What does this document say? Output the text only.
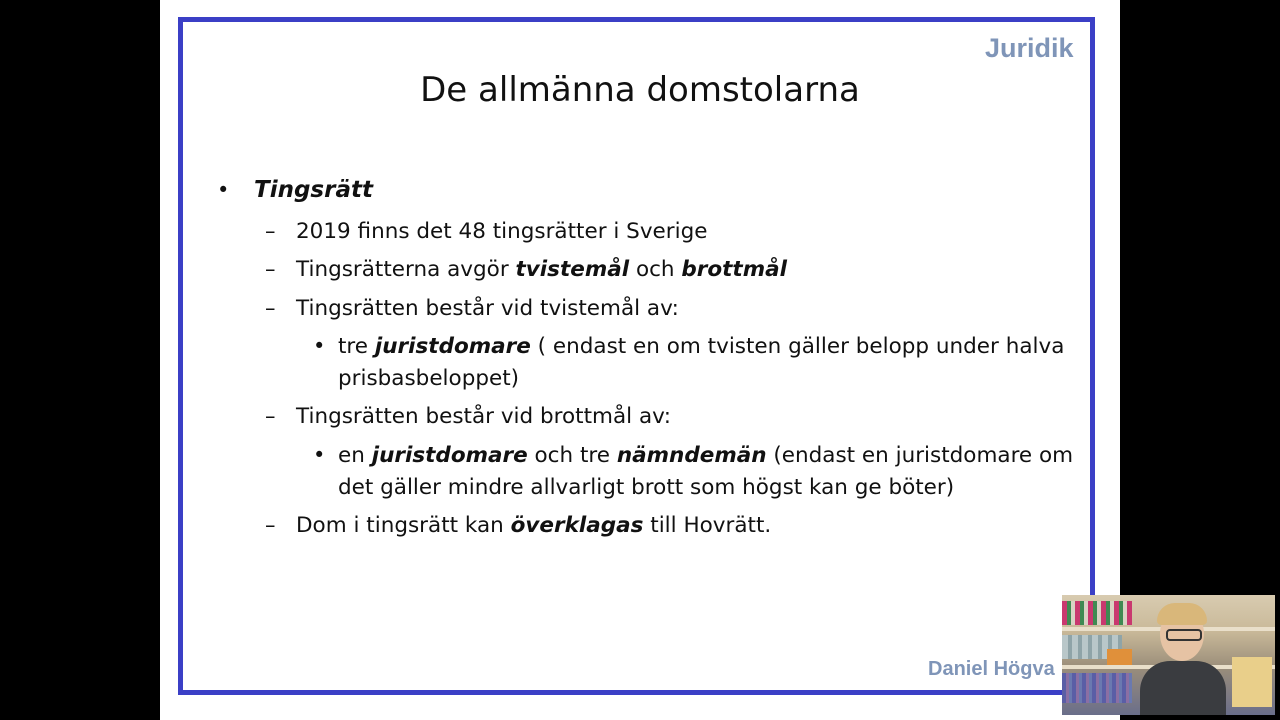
Juridik
De allmänna domstolarna
• Tingsrätt
– 2019 finns det 48 tingsrätter i Sverige
– Tingsrätterna avgör tvistemål och brottmål
– Tingsrätten består vid tvistemål av:
• tre juristdomare ( endast en om tvisten gäller belopp under halva
prisbasbeloppet)
– Tingsrätten består vid brottmål av:
• en juristdomare och tre nämndemän (endast en juristdomare om
det gäller mindre allvarligt brott som högst kan ge böter)
– Dom i tingsrätt kan överklagas till Hovrätt.
Daniel Högva
